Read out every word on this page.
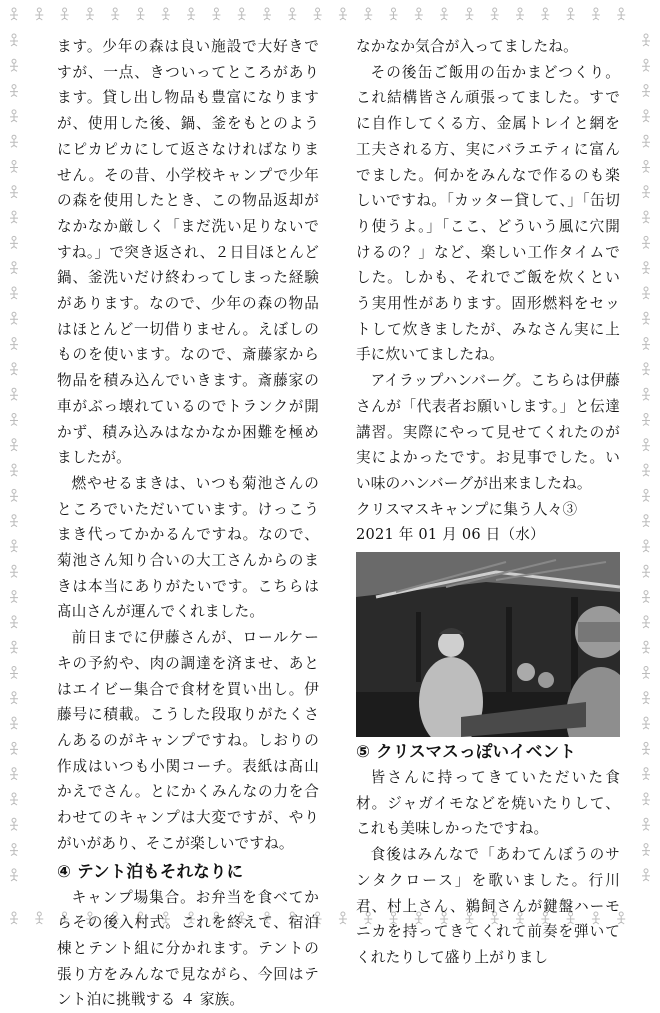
ます。少年の森は良い施設で大好きですが、一点、きついってところがあります。貸し出し物品も豊富になりますが、使用した後、鍋、釜をもとのようにピカピカにして返さなければなりません。その昔、小学校キャンプで少年の森を使用したとき、この物品返却がなかなか厳しく「まだ洗い足りないですね。」で突き返され、２日目ほとんど鍋、釜洗いだけ終わってしまった経験があります。なので、少年の森の物品はほとんど一切借りません。えぼしのものを使います。なので、斎藤家から物品を積み込んでいきます。斎藤家の車がぶっ壊れているのでトランクが開かず、積み込みはなかなか困難を極めましたが。

燃やせるまきは、いつも菊池さんのところでいただいています。けっこうまき代ってかかるんですね。なので、菊池さん知り合いの大工さんからのまきは本当にありがたいです。こちらは髙山さんが運んでくれました。

前日までに伊藤さんが、ロールケーキの予約や、肉の調達を済ませ、あとはエイビー集合で食材を買い出し。伊藤号に積載。こうした段取りがたくさんあるのがキャンプですね。しおりの作成はいつも小関コーチ。表紙は髙山かえでさん。とにかくみんなの力を合わせてのキャンプは大変ですが、やりがいがあり、そこが楽しいですね。

④ テント泊もそれなりに

キャンプ場集合。お弁当を食べてからその後入村式。これを終えて、宿泊棟とテント組に分かれます。テントの張り方をみんなで見ながら、今回はテント泊に挑戦する ４ 家族。

なかなか気合が入ってましたね。

その後缶ご飯用の缶かまどつくり。これ結構皆さん頑張ってました。すでに自作してくる方、金属トレイと網を工夫される方、実にバラエティに富んでました。何かをみんなで作るのも楽しいですね。「カッター貸して、」「缶切り使うよ。」「ここ、どういう風に穴開けるの？」など、楽しい工作タイムでした。しかも、それでご飯を炊くという実用性があります。固形燃料をセットして炊きましたが、みなさん実に上手に炊いてましたね。

アイラップハンバーグ。こちらは伊藤さんが「代表者お願いします。」と伝達講習。実際にやって見せてくれたのが実によかったです。お見事でした。いい味のハンバーグが出来ましたね。

クリスマスキャンプに集う人々③

2021 年 01 月 06 日（水）

⑤ クリスマスっぽいイベント

皆さんに持ってきていただいた食材。ジャガイモなどを焼いたりして、これも美味しかったですね。

食後はみんなで「あわてんぼうのサンタクロース」を歌いました。行川君、村上さん、鵜飼さんが鍵盤ハーモニカを持ってきてくれて前奏を弾いてくれたりして盛り上がりまし
